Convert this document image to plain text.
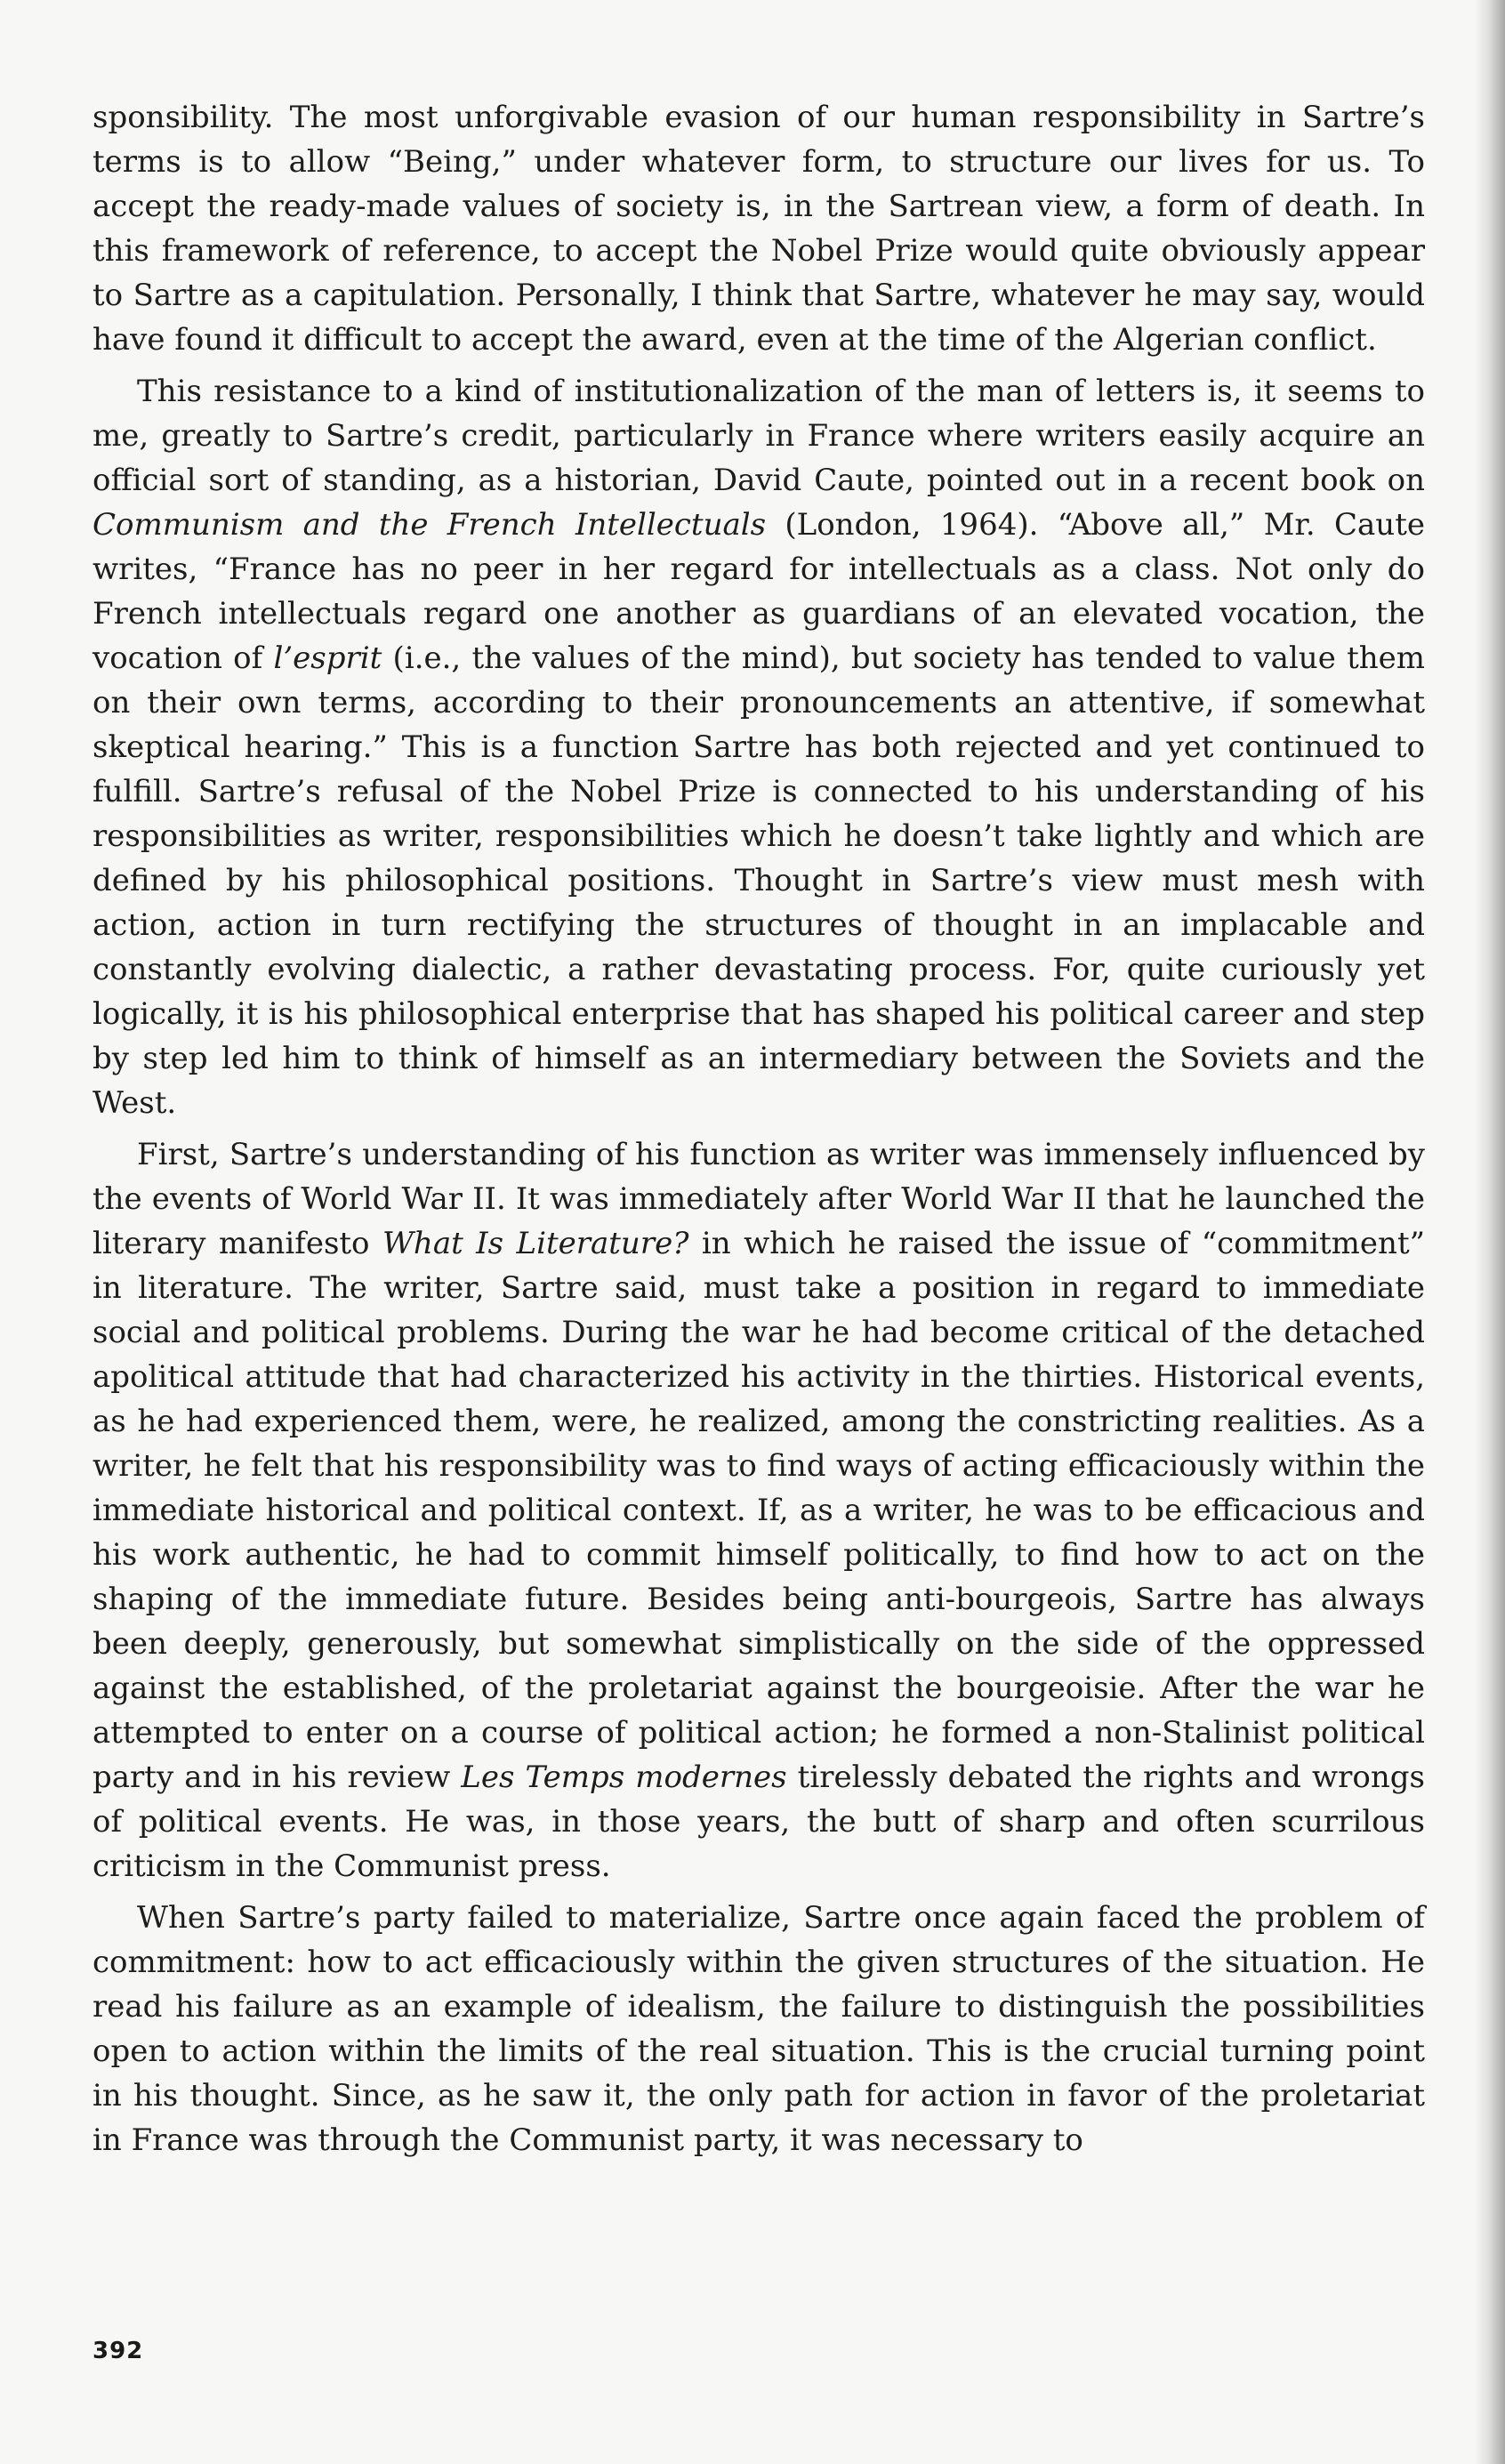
sponsibility. The most unforgivable evasion of our human responsibility in Sartre’s terms is to allow “Being,” under whatever form, to structure our lives for us. To accept the ready-made values of society is, in the Sartrean view, a form of death. In this framework of reference, to accept the Nobel Prize would quite obviously appear to Sartre as a capitulation. Personally, I think that Sartre, whatever he may say, would have found it difficult to accept the award, even at the time of the Algerian conflict.

This resistance to a kind of institutionalization of the man of letters is, it seems to me, greatly to Sartre’s credit, particularly in France where writers easily acquire an official sort of standing, as a historian, David Caute, pointed out in a recent book on Communism and the French Intellectuals (London, 1964). “Above all,” Mr. Caute writes, “France has no peer in her regard for intellectuals as a class. Not only do French intellectuals regard one another as guardians of an elevated vocation, the vocation of l’esprit (i.e., the values of the mind), but society has tended to value them on their own terms, according to their pronouncements an attentive, if somewhat skeptical hearing.” This is a function Sartre has both rejected and yet continued to fulfill. Sartre’s refusal of the Nobel Prize is connected to his understanding of his responsibilities as writer, responsibilities which he doesn’t take lightly and which are defined by his philosophical positions. Thought in Sartre’s view must mesh with action, action in turn rectifying the structures of thought in an implacable and constantly evolving dialectic, a rather devastating process. For, quite curiously yet logically, it is his philosophical enterprise that has shaped his political career and step by step led him to think of himself as an intermediary between the Soviets and the West.

First, Sartre’s understanding of his function as writer was immensely influenced by the events of World War II. It was immediately after World War II that he launched the literary manifesto What Is Literature? in which he raised the issue of “commitment” in literature. The writer, Sartre said, must take a position in regard to immediate social and political problems. During the war he had become critical of the detached apolitical attitude that had characterized his activity in the thirties. Historical events, as he had experienced them, were, he realized, among the constricting realities. As a writer, he felt that his responsibility was to find ways of acting efficaciously within the immediate historical and political context. If, as a writer, he was to be efficacious and his work authentic, he had to commit himself politically, to find how to act on the shaping of the immediate future. Besides being anti-bourgeois, Sartre has always been deeply, generously, but somewhat simplistically on the side of the oppressed against the established, of the proletariat against the bourgeoisie. After the war he attempted to enter on a course of political action; he formed a non-Stalinist political party and in his review Les Temps modernes tirelessly debated the rights and wrongs of political events. He was, in those years, the butt of sharp and often scurrilous criticism in the Communist press.

When Sartre’s party failed to materialize, Sartre once again faced the problem of commitment: how to act efficaciously within the given structures of the situation. He read his failure as an example of idealism, the failure to distinguish the possibilities open to action within the limits of the real situation. This is the crucial turning point in his thought. Since, as he saw it, the only path for action in favor of the proletariat in France was through the Communist party, it was necessary to

392
